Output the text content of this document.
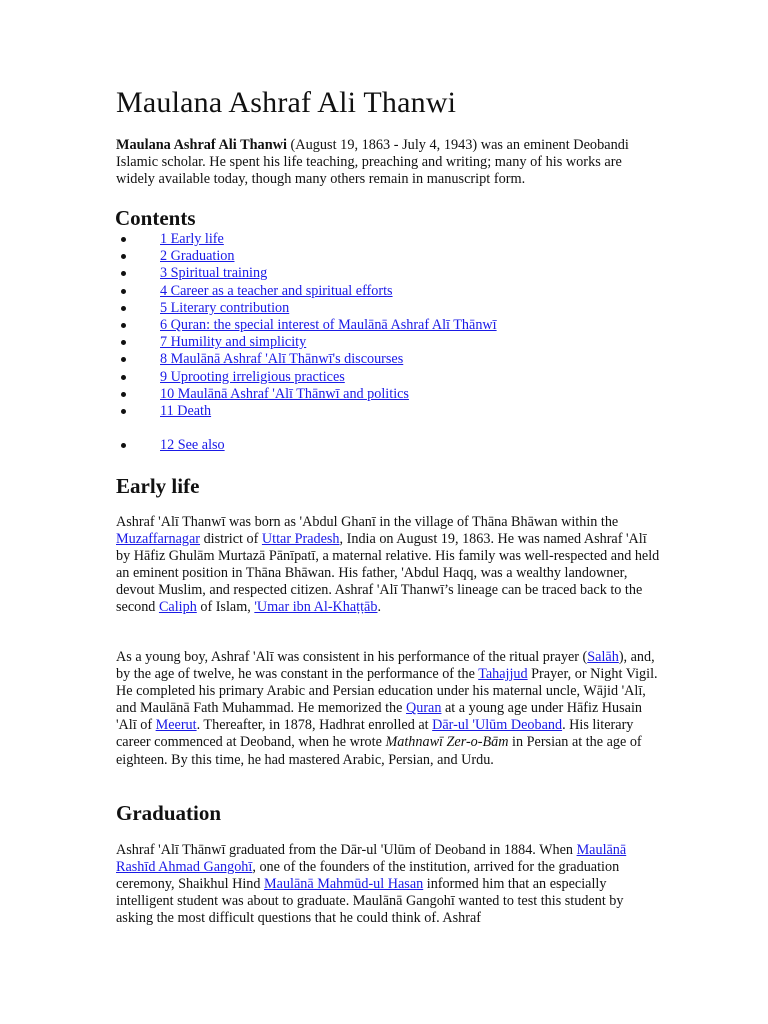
Maulana Ashraf Ali Thanwi

Maulana Ashraf Ali Thanwi (August 19, 1863 - July 4, 1943) was an eminent Deobandi Islamic scholar. He spent his life teaching, preaching and writing; many of his works are widely available today, though many others remain in manuscript form.

Contents
1 Early life
2 Graduation
3 Spiritual training
4 Career as a teacher and spiritual efforts
5 Literary contribution
6 Quran: the special interest of Maulānā Ashraf Alī Thānwī
7 Humility and simplicity
8 Maulānā Ashraf 'Alī Thānwī's discourses
9 Uprooting irreligious practices
10 Maulānā Ashraf 'Alī Thānwī and politics
11 Death
12 See also
Early life

Ashraf 'Alī Thanwī was born as 'Abdul Ghanī in the village of Thāna Bhāwan within the Muzaffarnagar district of Uttar Pradesh, India on August 19, 1863. He was named Ashraf 'Alī by Hāfiz Ghulām Murtazā Pānīpatī, a maternal relative. His family was well-respected and held an eminent position in Thāna Bhāwan. His father, 'Abdul Haqq, was a wealthy landowner, devout Muslim, and respected citizen. Ashraf 'Alī Thanwī’s lineage can be traced back to the second Caliph of Islam, 'Umar ibn Al-Khaṭṭāb.

As a young boy, Ashraf 'Alī was consistent in his performance of the ritual prayer (Salāh), and, by the age of twelve, he was constant in the performance of the Tahajjud Prayer, or Night Vigil. He completed his primary Arabic and Persian education under his maternal uncle, Wājid 'Alī, and Maulānā Fath Muhammad. He memorized the Quran at a young age under Hāfiz Husain 'Alī of Meerut. Thereafter, in 1878, Hadhrat enrolled at Dār-ul 'Ulūm Deoband. His literary career commenced at Deoband, when he wrote Mathnawī Zer-o-Bām in Persian at the age of eighteen. By this time, he had mastered Arabic, Persian, and Urdu.

Graduation

Ashraf 'Alī Thānwī graduated from the Dār-ul 'Ulūm of Deoband in 1884. When Maulānā Rashīd Ahmad Gangohī, one of the founders of the institution, arrived for the graduation ceremony, Shaikhul Hind Maulānā Mahmūd-ul Hasan informed him that an especially intelligent student was about to graduate. Maulānā Gangohī wanted to test this student by asking the most difficult questions that he could think of. Ashraf
